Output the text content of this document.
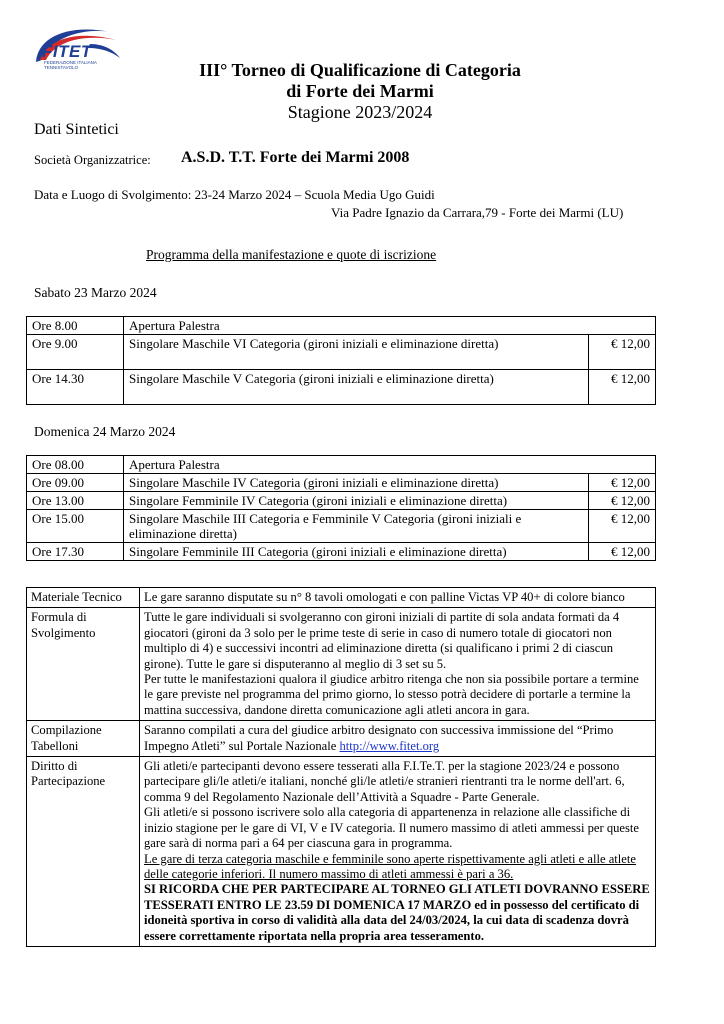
FITET
FEDERAZIONE ITALIANA
TENNISTAVOLO	III° Torneo di Qualificazione di Categoria
di Forte dei Marmi
Stagione 2023/2024
Dati Sintetici
Società Organizzatrice: A.S.D. T.T. Forte dei Marmi 2008
Data e Luogo di Svolgimento: 23-24 Marzo 2024 – Scuola Media Ugo Guidi
Via Padre Ignazio da Carrara,79 - Forte dei Marmi (LU)
Programma della manifestazione e quote di iscrizione
Sabato 23 Marzo 2024
Ore 8.00	Apertura Palestra	
Ore 9.00	Singolare Maschile VI Categoria (gironi iniziali e eliminazione diretta)	€ 12,00
Ore 14.30	Singolare Maschile V Categoria (gironi iniziali e eliminazione diretta)	€ 12,00
Domenica 24 Marzo 2024
Ore 08.00	Apertura Palestra	
Ore 09.00	Singolare Maschile IV Categoria (gironi iniziali e eliminazione diretta)	€ 12,00
Ore 13.00	Singolare Femminile IV Categoria (gironi iniziali e eliminazione diretta)	€ 12,00
Ore 15.00	Singolare Maschile III Categoria e Femminile V Categoria (gironi iniziali e eliminazione diretta)	€ 12,00
Ore 17.30	Singolare Femminile III Categoria (gironi iniziali e eliminazione diretta)	€ 12,00
Materiale Tecnico	Le gare saranno disputate su n° 8 tavoli omologati e con palline Victas VP 40+ di colore bianco
Formula di Svolgimento	Tutte le gare individuali si svolgeranno con gironi iniziali di partite di sola andata formati da 4 giocatori (gironi da 3 solo per le prime teste di serie in caso di numero totale di giocatori non multiplo di 4) e successivi incontri ad eliminazione diretta (si qualificano i primi 2 di ciascun girone). Tutte le gare si disputeranno al meglio di 3 set su 5.
Per tutte le manifestazioni qualora il giudice arbitro ritenga che non sia possibile portare a termine le gare previste nel programma del primo giorno, lo stesso potrà decidere di portarle a termine la mattina successiva, dandone diretta comunicazione agli atleti ancora in gara.

Compilazione Tabelloni	Saranno compilati a cura del giudice arbitro designato con successiva immissione del “Primo Impegno Atleti” sul Portale Nazionale http://www.fitet.org
Diritto di Partecipazione	Gli atleti/e partecipanti devono essere tesserati alla F.I.Te.T. per la stagione 2023/24 e possono partecipare gli/le atleti/e italiani, nonché gli/le atleti/e stranieri rientranti tra le norme dell'art. 6, comma 9 del Regolamento Nazionale dell’Attività a Squadre - Parte Generale.
Gli atleti/e si possono iscrivere solo alla categoria di appartenenza in relazione alle classifiche di inizio stagione per le gare di VI, V e IV categoria. Il numero massimo di atleti ammessi per queste gare sarà di norma pari a 64 per ciascuna gara in programma.
Le gare di terza categoria maschile e femminile sono aperte rispettivamente agli atleti e alle atlete delle categorie inferiori. Il numero massimo di atleti ammessi è pari a 36.
SI RICORDA CHE PER PARTECIPARE AL TORNEO GLI ATLETI DOVRANNO ESSERE TESSERATI ENTRO LE 23.59 DI DOMENICA 17 MARZO ed in possesso del certificato di idoneità sportiva in corso di validità alla data del 24/03/2024, la cui data di scadenza dovrà essere correttamente riportata nella propria area tesseramento.
